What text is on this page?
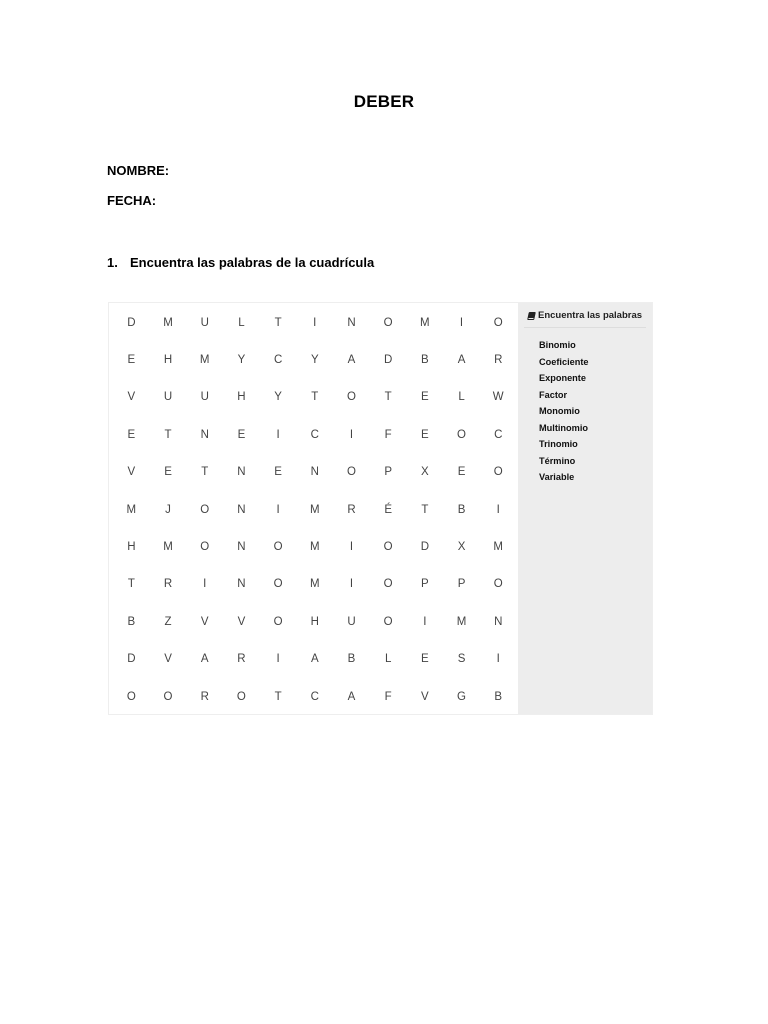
DEBER
NOMBRE:
FECHA:
1. Encuentra las palabras de la cuadrícula
D	M	U	L	T	I	N	O	M	I	O
E	H	M	Y	C	Y	A	D	B	A	R
V	U	U	H	Y	T	O	T	E	L	W
E	T	N	E	I	C	I	F	E	O	C
V	E	T	N	E	N	O	P	X	E	O
M	J	O	N	I	M	R	É	T	B	I
H	M	O	N	O	M	I	O	D	X	M
T	R	I	N	O	M	I	O	P	P	O
B	Z	V	V	O	H	U	O	I	M	N
D	V	A	R	I	A	B	L	E	S	I
O	O	R	O	T	C	A	F	V	G	B
Encuentra las palabras
Binomio
Coeficiente
Exponente
Factor
Monomio
Multinomio
Trinomio
Término
Variable
